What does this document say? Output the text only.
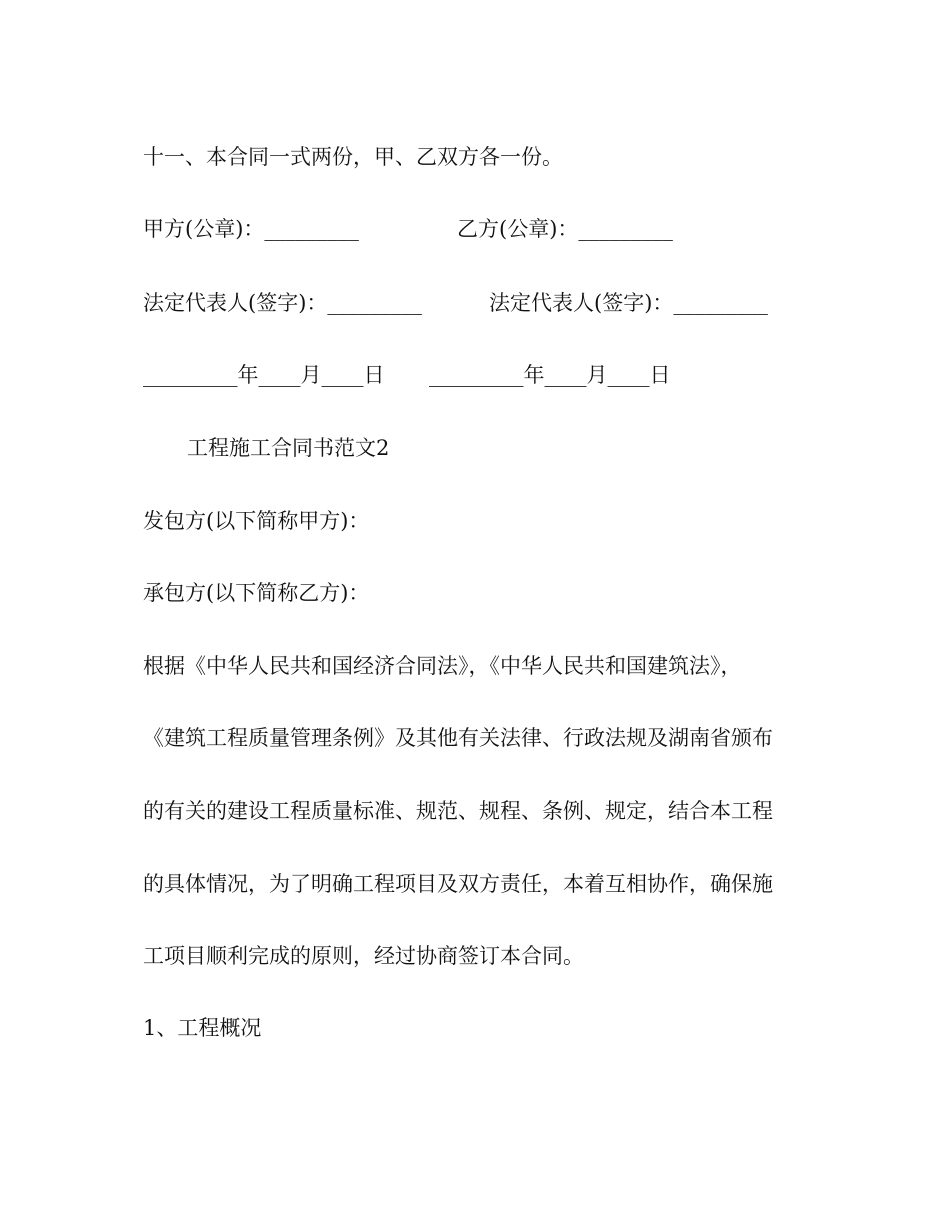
十一、本合同一式两份，甲、乙双方各一份。
甲方(公章)：_________	乙方(公章)：_________
法定代表人(签字)：_________	法定代表人(签字)：_________
_________年____月____日 _________年____月____日
工程施工合同书范文2
发包方(以下简称甲方)：
承包方(以下简称乙方)：
根据《中华人民共和国经济合同法》，《中华人民共和国建筑法》，
《建筑工程质量管理条例》及其他有关法律、行政法规及湖南省颁布
的有关的建设工程质量标准、规范、规程、条例、规定，结合本工程
的具体情况，为了明确工程项目及双方责任，本着互相协作，确保施
工项目顺利完成的原则，经过协商签订本合同。
1、工程概况
